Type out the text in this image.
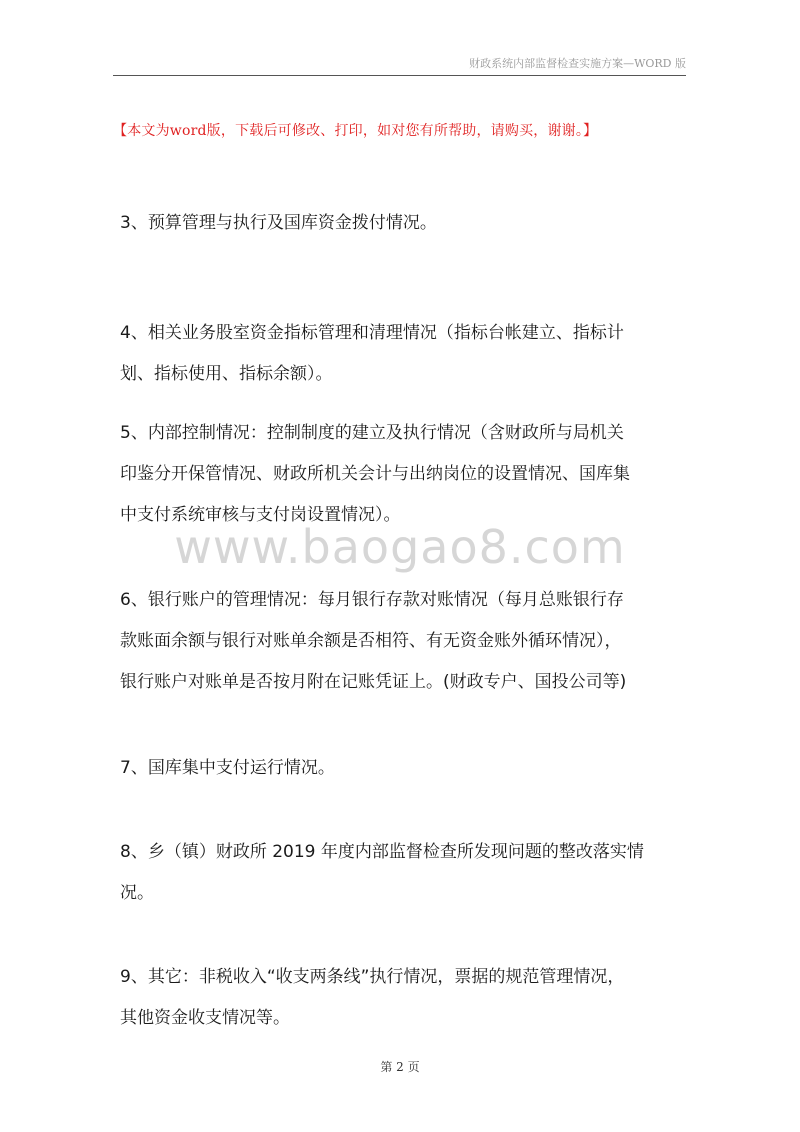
财政系统内部监督检查实施方案—WORD 版
【本文为word版，下载后可修改、打印，如对您有所帮助，请购买，谢谢。】
3、预算管理与执行及国库资金拨付情况。
4、相关业务股室资金指标管理和清理情况（指标台帐建立、指标计
划、指标使用、指标余额）。
5、内部控制情况：控制制度的建立及执行情况（含财政所与局机关
印鉴分开保管情况、财政所机关会计与出纳岗位的设置情况、国库集
中支付系统审核与支付岗设置情况）。
www.baogao8.com
6、银行账户的管理情况：每月银行存款对账情况（每月总账银行存
款账面余额与银行对账单余额是否相符、有无资金账外循环情况），
银行账户对账单是否按月附在记账凭证上。(财政专户、国投公司等)
7、国库集中支付运行情况。
8、乡（镇）财政所 2019 年度内部监督检查所发现问题的整改落实情
况。
9、其它：非税收入“收支两条线”执行情况，票据的规范管理情况，
其他资金收支情况等。
第 2 页
